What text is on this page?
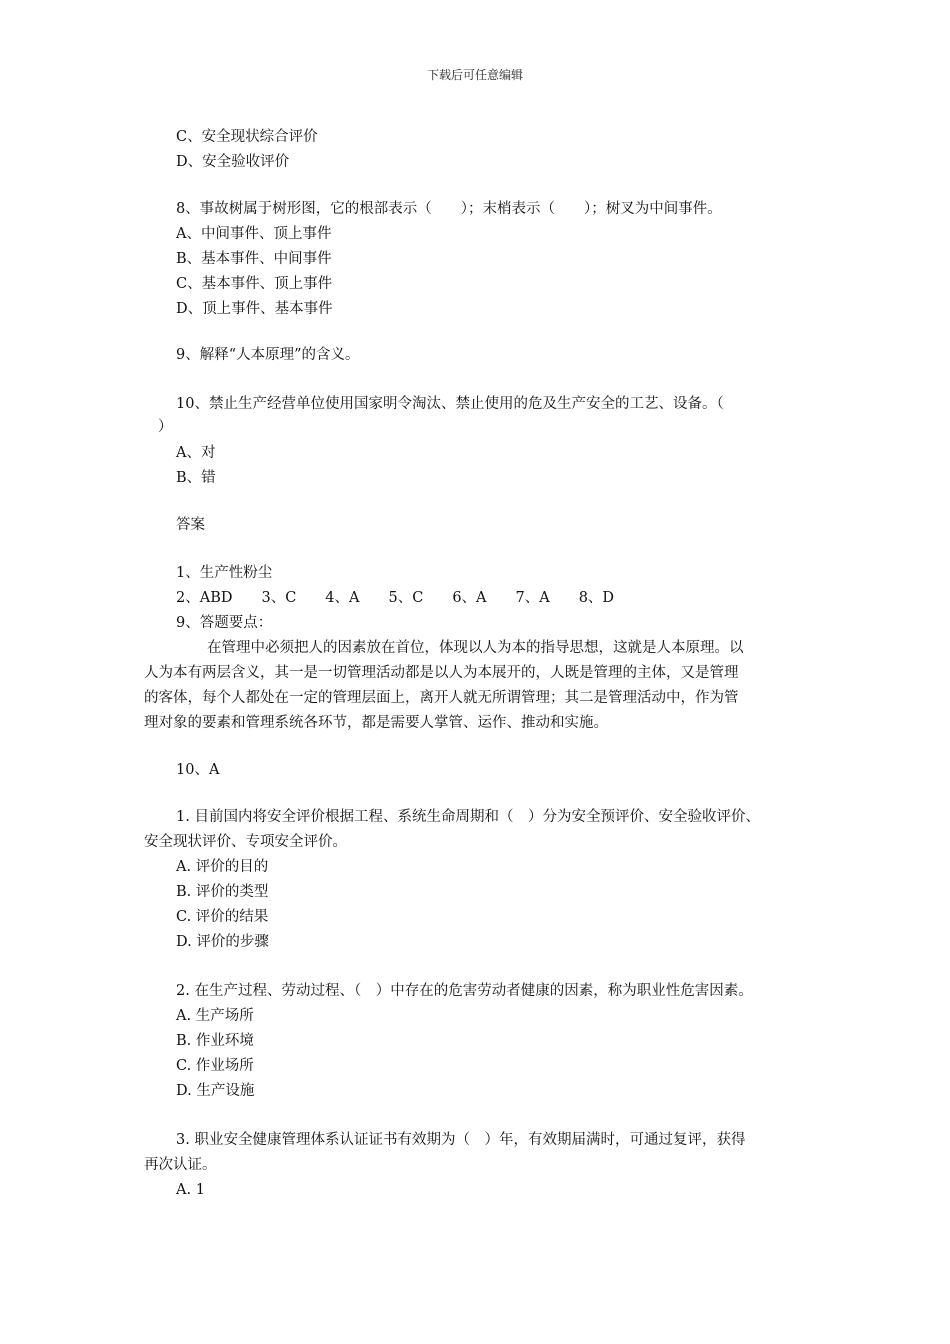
下载后可任意编辑
C、安全现状综合评价
D、安全验收评价
8、事故树属于树形图，它的根部表示（　　）；末梢表示（　　）；树叉为中间事件。
A、中间事件、顶上事件
B、基本事件、中间事件
C、基本事件、顶上事件
D、顶上事件、基本事件
9、解释“人本原理”的含义。
10、禁止生产经营单位使用国家明令淘汰、禁止使用的危及生产安全的工艺、设备。（
）
A、对
B、错
答案
1、生产性粉尘
2、ABD　　3、C　　4、A　　5、C　　6、A　　7、A　　8、D
9、答题要点：
在管理中必须把人的因素放在首位，体现以人为本的指导思想，这就是人本原理。以
人为本有两层含义，其一是一切管理活动都是以人为本展开的，人既是管理的主体，又是管理
的客体，每个人都处在一定的管理层面上，离开人就无所谓管理；其二是管理活动中，作为管
理对象的要素和管理系统各环节，都是需要人掌管、运作、推动和实施。
10、A
1. 目前国内将安全评价根据工程、系统生命周期和（　）分为安全预评价、安全验收评价、
安全现状评价、专项安全评价。
A. 评价的目的
B. 评价的类型
C. 评价的结果
D. 评价的步骤
2. 在生产过程、劳动过程、（　）中存在的危害劳动者健康的因素，称为职业性危害因素。
A. 生产场所
B. 作业环境
C. 作业场所
D. 生产设施
3. 职业安全健康管理体系认证证书有效期为（　）年，有效期届满时，可通过复评，获得
再次认证。
A. 1
